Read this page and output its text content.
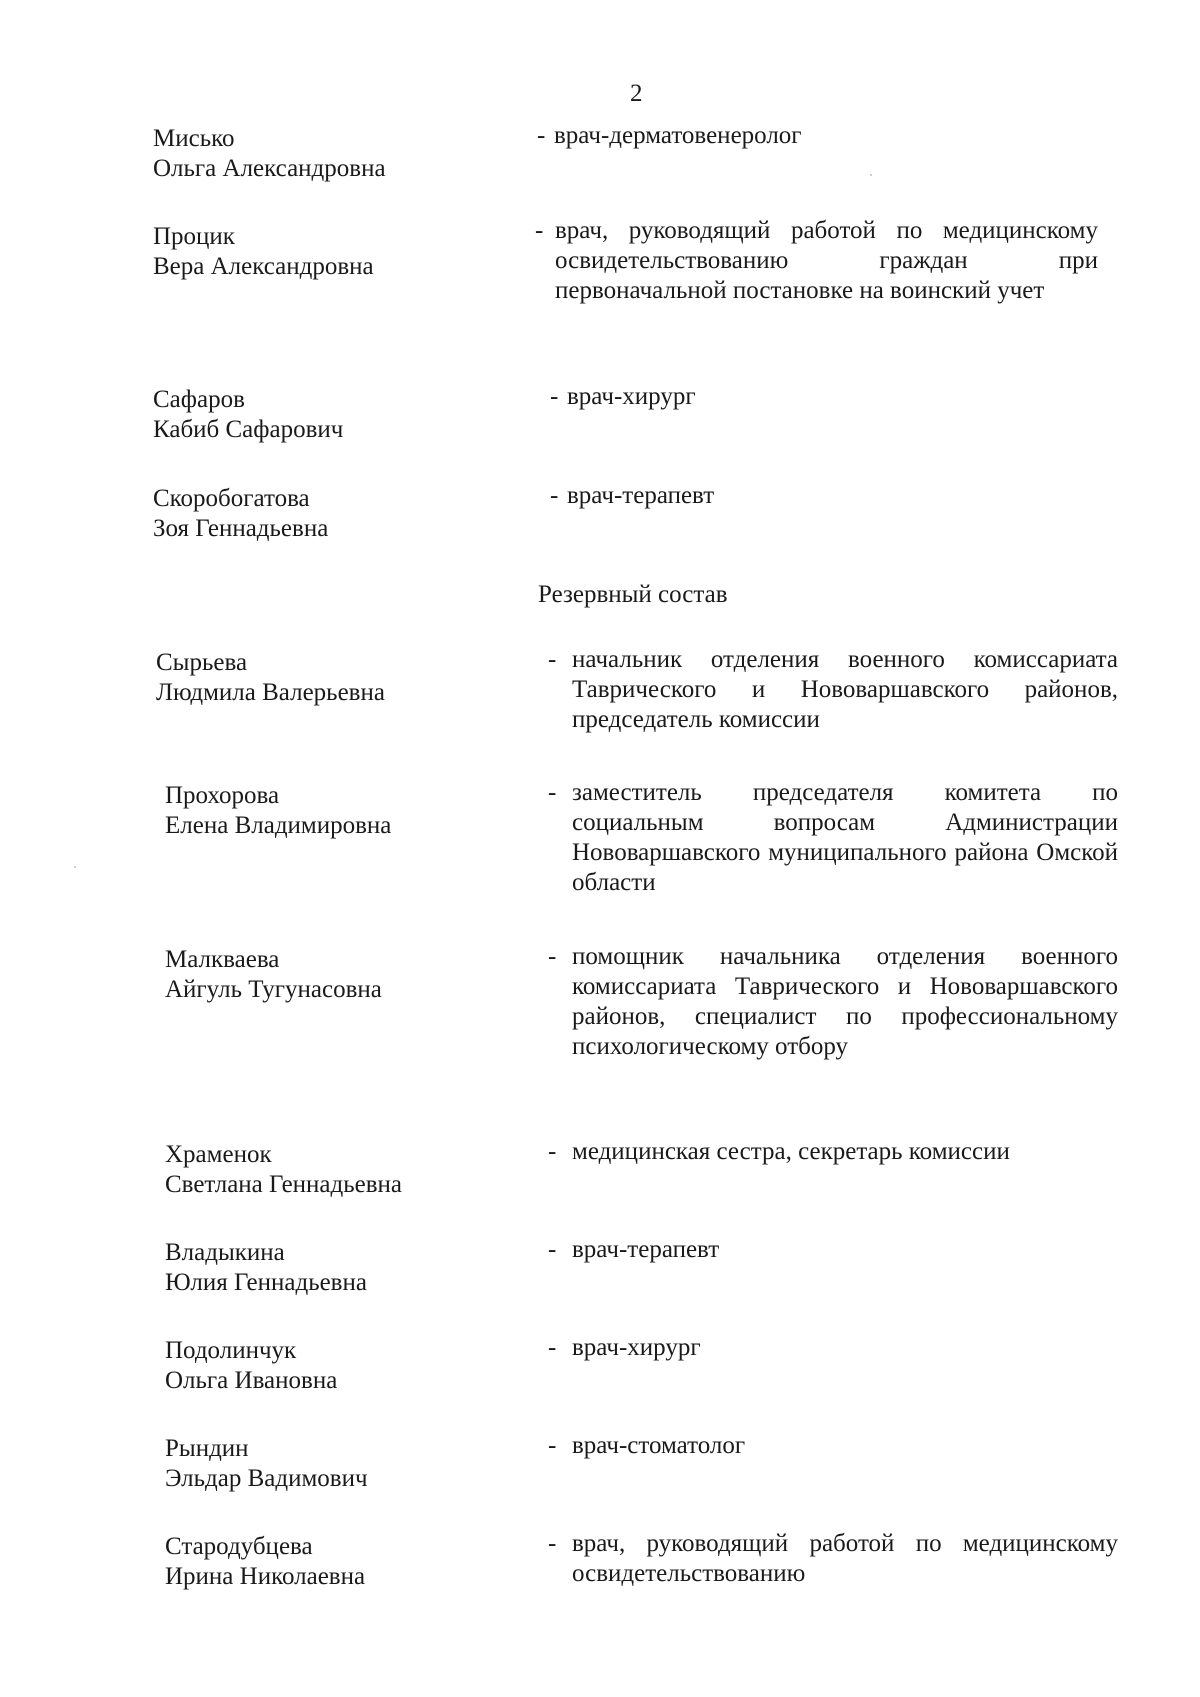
2
Мисько
Ольга Александровна
- врач-дерматовенеролог
Процик
Вера Александровна
- врач, руководящий работой по медицинскому освидетельствованию граждан при первоначальной постановке на воинский учет
Сафаров
Кабиб Сафарович
- врач-хирург
Скоробогатова
Зоя Геннадьевна
- врач-терапевт
Резервный состав
Сырьева
Людмила Валерьевна
- начальник отделения военного комиссариата Таврического и Нововаршавского районов, председатель комиссии
Прохорова
Елена Владимировна
- заместитель председателя комитета по социальным вопросам Администрации Нововаршавского муниципального района Омской области
Малкваева
Айгуль Тугунасовна
- помощник начальника отделения военного комиссариата Таврического и Нововаршавского районов, специалист по профессиональному психологическому отбору
Храменок
Светлана Геннадьевна
- медицинская сестра, секретарь комиссии
Владыкина
Юлия Геннадьевна
- врач-терапевт
Подолинчук
Ольга Ивановна
- врач-хирург
Рындин
Эльдар Вадимович
- врач-стоматолог
Стародубцева
Ирина Николаевна
- врач, руководящий работой по медицинскому освидетельствованию
